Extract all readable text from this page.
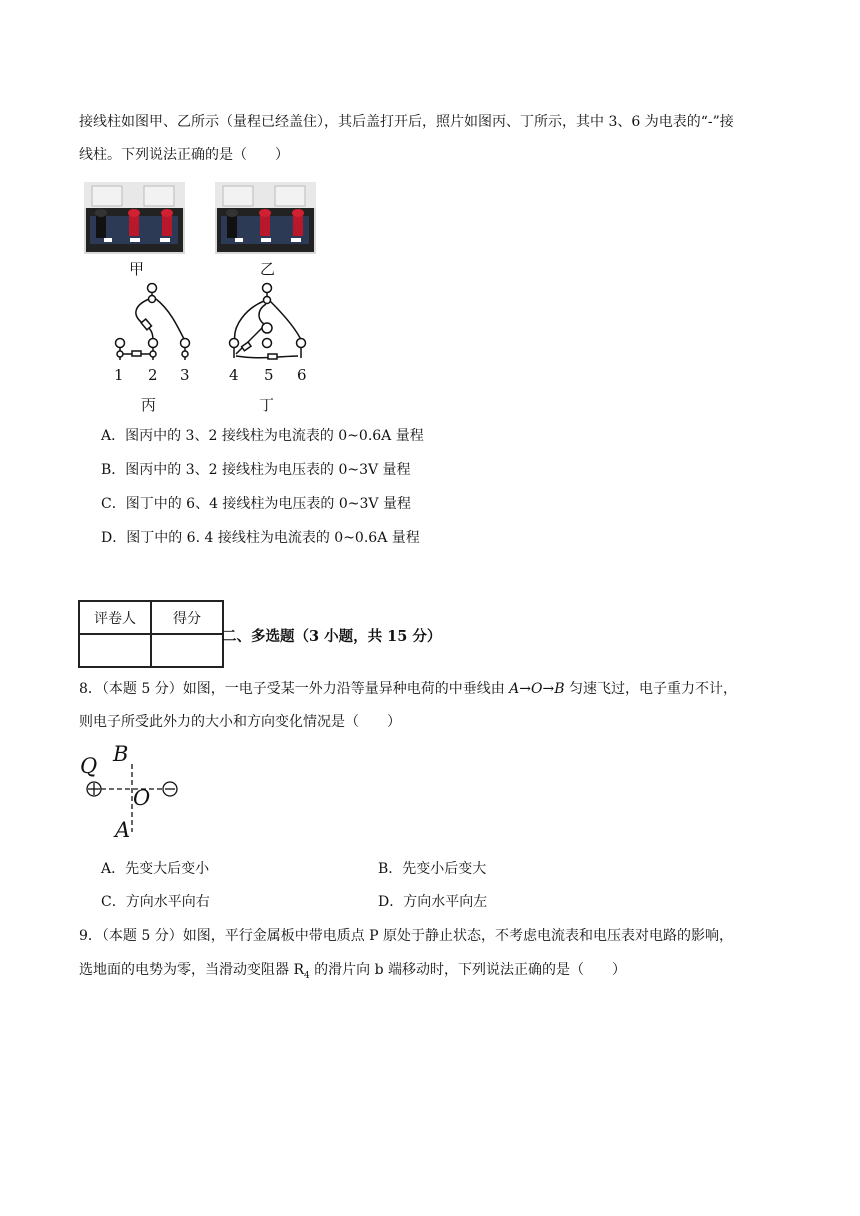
接线柱如图甲、乙所示（量程已经盖住），其后盖打开后，照片如图丙、丁所示，其中 3、6 为电表的“-”接
线柱。下列说法正确的是（　　）
甲	乙
1 2 3
丙
4 5 6
丁
A．图丙中的 3、2 接线柱为电流表的 0~0.6A 量程
B．图丙中的 3、2 接线柱为电压表的 0~3V 量程
C．图丁中的 6、4 接线柱为电压表的 0~3V 量程
D．图丁中的 6. 4 接线柱为电流表的 0~0.6A 量程
评卷人	得分

二、多选题（3 小题，共 15 分）
8．（本题 5 分）如图，一电子受某一外力沿等量异种电荷的中垂线由 A→O→B 匀速飞过，电子重力不计，
则电子所受此外力的大小和方向变化情况是（　　）
Q B
O
A
A．先变大后变小	B．先变小后变大
C．方向水平向右	D．方向水平向左
9．（本题 5 分）如图，平行金属板中带电质点 P 原处于静止状态，不考虑电流表和电压表对电路的影响，
选地面的电势为零，当滑动变阻器 $R_4$ 的滑片向 b 端移动时，下列说法正确的是（　　）
